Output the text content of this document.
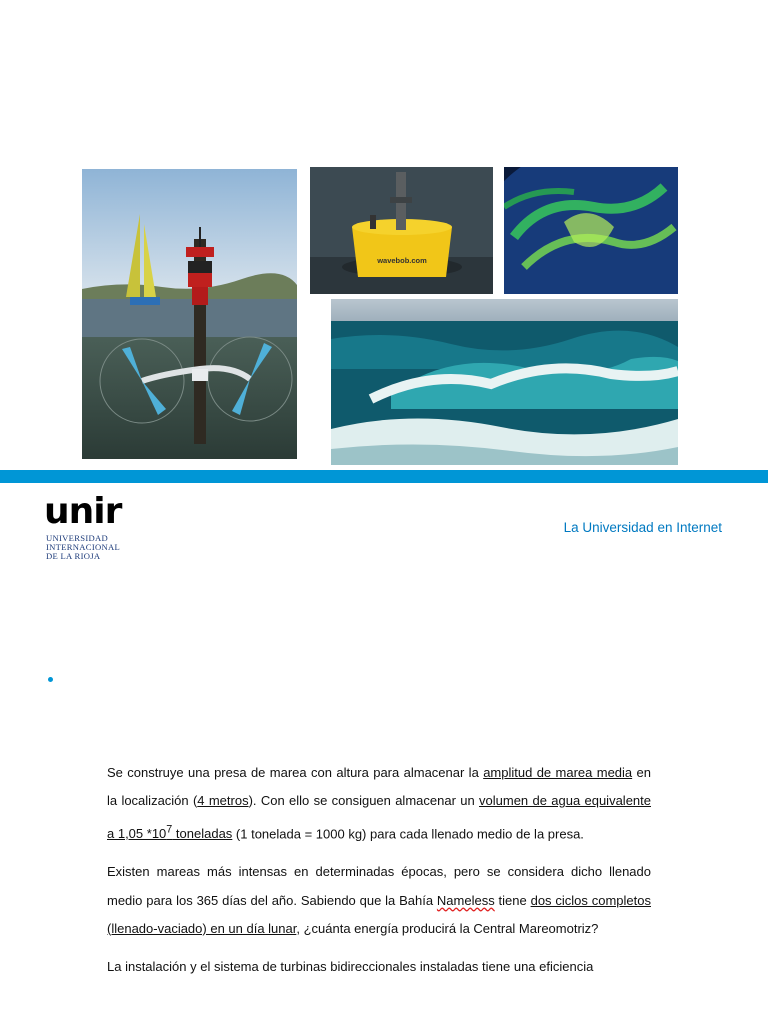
wavebob.com
unir
UNIVERSIDAD
INTERNACIONAL
DE LA RIOJA
La Universidad en Internet

Se construye una presa de marea con altura para almacenar la amplitud de marea media en la localización (4 metros). Con ello se consiguen almacenar un volumen de agua equivalente a 1,05 $*10^7$ toneladas (1 tonelada = 1000 kg) para cada llenado medio de la presa.

Existen mareas más intensas en determinadas épocas, pero se considera dicho llenado medio para los 365 días del año. Sabiendo que la Bahía Nameless tiene dos ciclos completos (llenado-vaciado) en un día lunar, ¿cuánta energía producirá la Central Mareomotriz?

La instalación y el sistema de turbinas bidireccionales instaladas tiene una eficiencia
